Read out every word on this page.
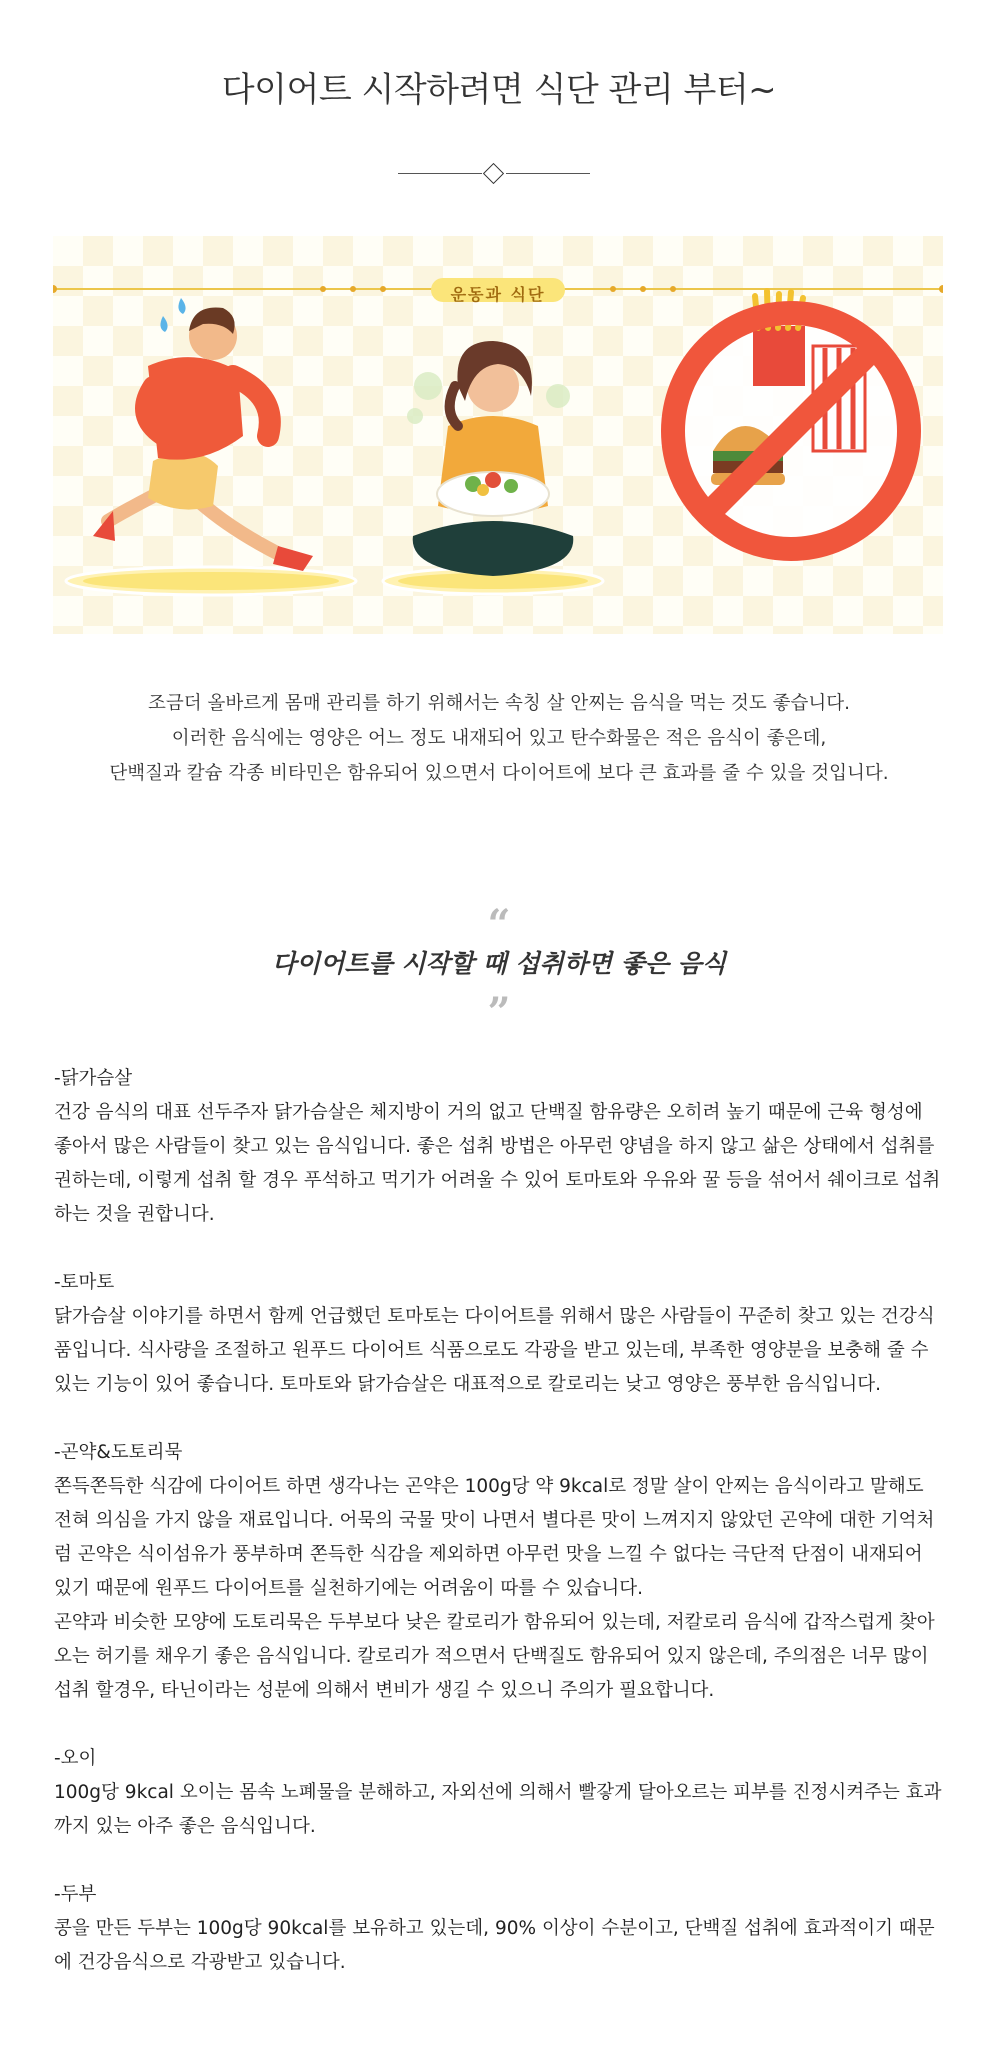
다이어트 시작하려면 식단 관리 부터~
운동과 식단

조금더 올바르게 몸매 관리를 하기 위해서는 속칭 살 안찌는 음식을 먹는 것도 좋습니다.

이러한 음식에는 영양은 어느 정도 내재되어 있고 탄수화물은 적은 음식이 좋은데,

단백질과 칼슘 각종 비타민은 함유되어 있으면서 다이어트에 보다 큰 효과를 줄 수 있을 것입니다.

“
다이어트를 시작할 때 섭취하면 좋은 음식
”
-닭가슴살

건강 음식의 대표 선두주자 닭가슴살은 체지방이 거의 없고 단백질 함유량은 오히려 높기 때문에 근육 형성에 좋아서 많은 사람들이 찾고 있는 음식입니다. 좋은 섭취 방법은 아무런 양념을 하지 않고 삶은 상태에서 섭취를 권하는데, 이렇게 섭취 할 경우 푸석하고 먹기가 어려울 수 있어 토마토와 우유와 꿀 등을 섞어서 쉐이크로 섭취 하는 것을 권합니다.

-토마토

닭가슴살 이야기를 하면서 함께 언급했던 토마토는 다이어트를 위해서 많은 사람들이 꾸준히 찾고 있는 건강식품입니다. 식사량을 조절하고 원푸드 다이어트 식품으로도 각광을 받고 있는데, 부족한 영양분을 보충해 줄 수 있는 기능이 있어 좋습니다. 토마토와 닭가슴살은 대표적으로 칼로리는 낮고 영양은 풍부한 음식입니다.

-곤약&도토리묵

쫀득쫀득한 식감에 다이어트 하면 생각나는 곤약은 100g당 약 9kcal로 정말 살이 안찌는 음식이라고 말해도 전혀 의심을 가지 않을 재료입니다. 어묵의 국물 맛이 나면서 별다른 맛이 느껴지지 않았던 곤약에 대한 기억처럼 곤약은 식이섬유가 풍부하며 쫀득한 식감을 제외하면 아무런 맛을 느낄 수 없다는 극단적 단점이 내재되어 있기 때문에 원푸드 다이어트를 실천하기에는 어려움이 따를 수 있습니다.

곤약과 비슷한 모양에 도토리묵은 두부보다 낮은 칼로리가 함유되어 있는데, 저칼로리 음식에 갑작스럽게 찾아오는 허기를 채우기 좋은 음식입니다. 칼로리가 적으면서 단백질도 함유되어 있지 않은데, 주의점은 너무 많이 섭취 할경우, 타닌이라는 성분에 의해서 변비가 생길 수 있으니 주의가 필요합니다.

-오이

100g당 9kcal 오이는 몸속 노폐물을 분해하고, 자외선에 의해서 빨갛게 달아오르는 피부를 진정시켜주는 효과까지 있는 아주 좋은 음식입니다.

-두부

콩을 만든 두부는 100g당 90kcal를 보유하고 있는데, 90% 이상이 수분이고, 단백질 섭취에 효과적이기 때문에 건강음식으로 각광받고 있습니다.
